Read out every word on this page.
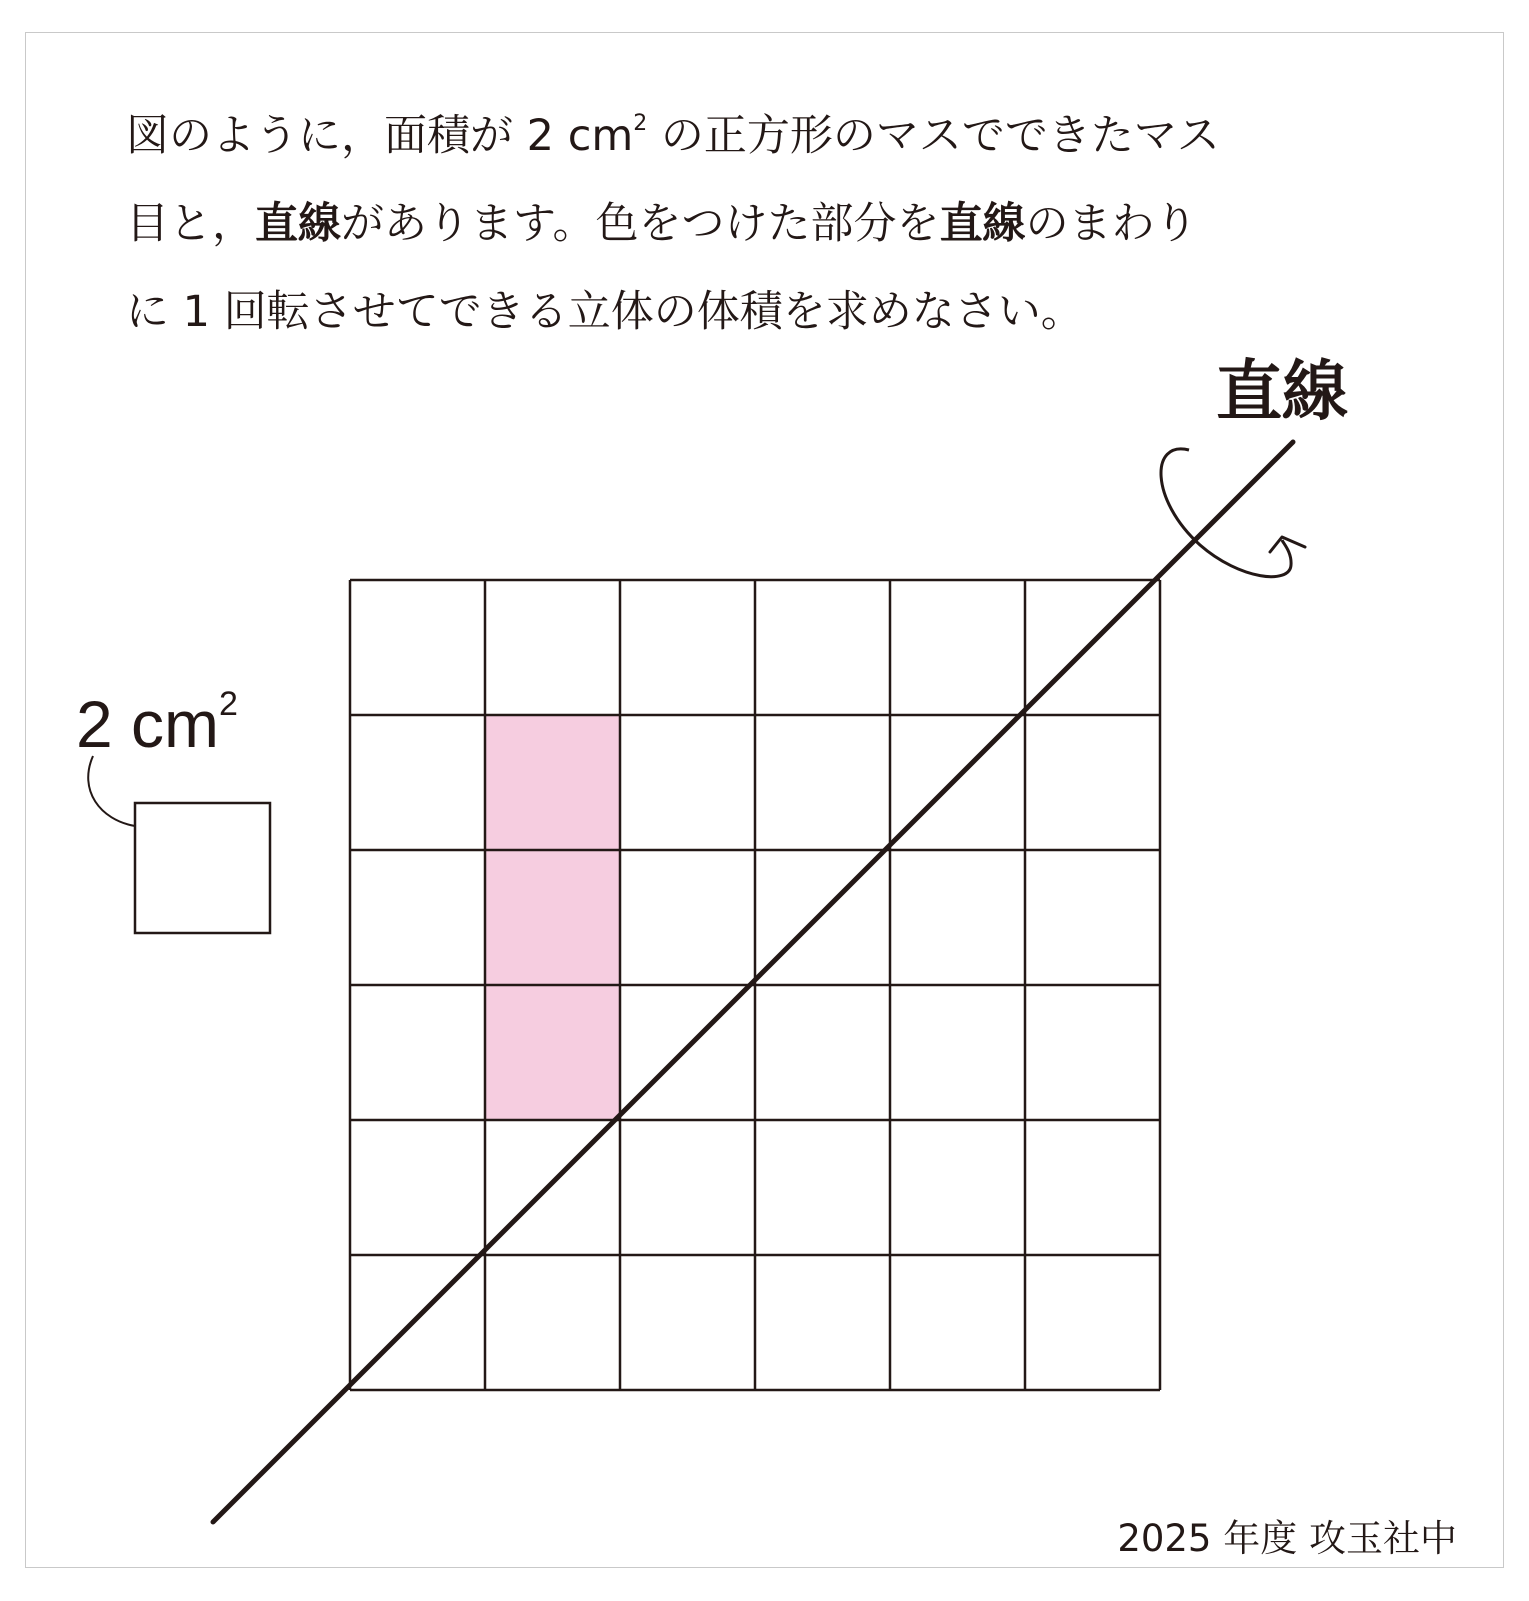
図のように，面積が 2 $cm^2$ の正方形のマスでできたマス
目と，直線があります。色をつけた部分を直線のまわり
に 1 回転させてできる立体の体積を求めなさい。
直線
2 $cm^2$
2025 年度 攻玉社中
